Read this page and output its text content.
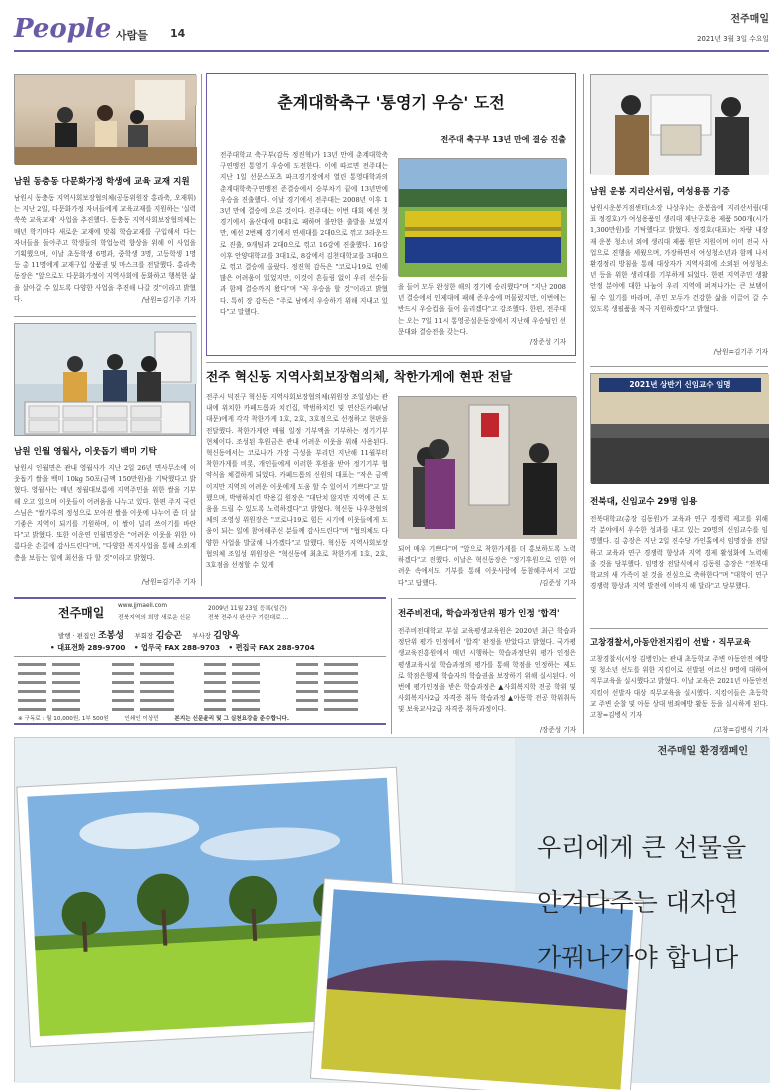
People 사람들 14
전주매일
2021년 3월 3일 수요일
남원 동충동 다문화가정 학생에 교육 교재 지원
남원시 동충동 지역사회보장협의체(공동위원장 홍라축, 오재휘)는 지난 2일, 다문화가정 자녀들에게 교육교재를 지원하는 '실력쑥쑥 교육교재' 사업을 추진했다. 동충동 지역사회보장협의체는 매년 학기마다 새로운 교재에 맞춰 학습교재를 구입해서 다는 자녀들을 돌아주고 학생들의 학업능력 향상을 위해 이 사업을 기획했으며, 이날 초등학생 6명과, 중학생 3명, 고등학생 1명 등 총 11명에게 교재구입 상품권 및 마스크를 전달했다. 홍라축 동장은 "앞으로도 다문화가정이 지역사회에 동화하고 행복한 삶을 살아갈 수 있도록 다양한 사업을 추진해 나갈 것"이라고 밝혔다.	/남원=김기주 기자
남원 인월 영월사, 이웃돕기 백미 기탁
남원시 인월면은 관내 영월사가 지난 2일 26년 면사무소에 이웃돕기 쌀을 백미 10kg 50포(금액 150만원)을 기탁했다고 밝혔다. 영월사는 매년 정월대보름에 지역주민을 위한 쌀을 기부해 오고 있으며 이웃들이 어려움을 나누고 있다. 한편 주지 국린스님은 "쌀가루의 정성으로 모아진 쌀을 이웃에 나누어 좀 더 살기좋은 지역이 되기를 기원하며, 이 쌀이 널리 쓰이기를 바란다"고 밝혔다. 또한 이운연 인월면장은 "어려운 이웃을 위한 아름다운 손길에 감사드린다"며, "다양한 복지사업을 통해 소외계층을 보듬는 일에 최선을 다 할 것"이라고 밝혔다.
/남원=김기주 기자
춘계대학축구 '통영기 우승' 도전
전주대 축구부 13년 만에 결승 진출
전주대학교 축구부(감독 정진혁)가 13년 만에 춘계대학축구연맹전 통영기 우승에 도전한다. 이에 따르면 전주대는 지난 1일 선문스포츠 파크경기장에서 열린 통영대학과의 춘계대학축구연맹전 준결승에서 승부차기 끝에 13년만에 우승을 진출했다. 이날 경기에서 전주대는 2008년 이후 13년 만에 결승에 오른 것이다. 전주대는 이번 대회 예선 첫 경기에서 울산대에 0대1로 패하며 불안한 출발을 보였지만, 예선 2번째 경기에서 연세대를 2대0으로 꺾고 3라운드로 진출, 9개팀과 2대0으로 꺾고 16강에 진출했다. 16강 이후 안양대학교를 3대1로, 8강에서 김천대학교를 3대0으로 꺾고 결승에 올랐다. 정진혁 감독은 "코로나19로 인해 많은 어려움이 있었지만, 이것이 흔들림 없이 우리 선수들과 함께 결승까지 왔다"며 "꼭 우승을 할 것"이라고 밝혔다. 특히 장 감독은 "주로 남에서 우승하기 위해 지내고 있다"고 말했다.
을 들어 모두 완성한 해의 경기에 승리했다"며 "지난 2008년 결승에서 인제대에 패해 준우승에 머물렀지만, 이번에는 반드시 우승컵을 들어 올리겠다"고 강조했다. 한편, 전주대는 오는 7일 11시 통영공설운동장에서 지난해 우승팀인 선문대와 결승전을 갖는다.
/장준성 기자
전주 혁신동 지역사회보장협의체, 착한가게에 현판 전달
전주시 덕진구 혁신동 지역사회보장협의체(위원장 조일성)는 관내에 위치한 카페드롭과 치킨집, 박범하치킨 및 연산돈카페(남대문)에게 각각 착한가게 1호, 2호, 3호점으로 선정하고 현판을 전달했다. 착한가게란 매월 일정 기부액을 기부하는 정기기부 현체이다. 조성된 후원금은 관내 어려운 이웃을 위해 사용된다. 혁신동에서는 코로나가 가장 극성을 부리던 지난해 11월부터 착한가게를 비롯, 개인들에게 이러한 후원을 받아 정기기부 협약식을 체결하게 되었다. 카페드롭의 신원의 대표는 "작은 금액이지만 지역의 어려운 이웃에게 도움 할 수 있어서 기쁘다"고 말했으며, 박범하치킨 박용길 원장은 "대단치 않지만 지역에 큰 도움을 드릴 수 있도록 노력하겠다"고 밝혔다. 혁신동 나우찬협의체의 조영성 위원장은 "코로나19로 힘든 시기에 이웃들에게 도움이 되는 일에 참여해주신 분들께 감사드린다"며 "협의체도 다양한 사업을 발굴해 나가겠다"고 말했다. 혁신동 지역사회보장협의체 조일성 위원장은 "혁신동에 최초로 착한가게 1호, 2호, 3호점을 선정할 수 있게
되어 매우 기쁘다"며 "앞으로 착한가게를 더 홍보하도록 노력하겠다"고 전했다. 이날은 혁신동장은 "정기후원으로 인한 어려운 속에서도 기부를 통해 이웃사랑에 동참해주셔서 고맙다"고 답했다.	/김준성 기자
남원 운봉 지리산서림, 여성용품 기증
남원시운봉거점센터(소장 나상우)는 운봉읍에 지리산서림(대표 정경호)가 여성용품인 생리대 재난구호용 제품 500개(시가 1,300만원)를 기탁했다고 밝혔다. 정경호(대표)는 차량 내장재 운봉 청소녀 외에 생리대 제품 원단 지원이며 이미 전국 사업으로 진행을 세웠으며, 가장하면서 여성청소년과 함께 나서 환경정리 방침을 통해 대상자가 지역사회에 소외된 여성청소년 등을 위한 생리대를 기부하게 되었다. 한편 지역주민 생활안정 분야에 대한 나눔이 우리 지역에 퍼져나가는 큰 보탬이 될 수 있기를 바라며, 주민 모두가 건강한 삶을 이끌어 갈 수 있도록 생필품을 적극 지원하겠다"고 밝혔다.
/남원=김기주 기자
2021년 상반기 신임교수 임명
전북대, 신임교수 29명 임용
전북대학교(총장 김동원)가 교육과 연구 경쟁력 제고를 위해 각 분야에서 우수한 성과를 내고 있는 29명의 신임교수를 임명했다. 김 총장은 지난 2일 진수당 가인홀에서 임명장을 전달하고 교육과 연구 경쟁력 향상과 지역 경제 활성화에 노력해 줄 것을 당부했다. 임명장 전달식에서 김동원 총장은 "전북대학교의 새 가족이 된 것을 진심으로 축하한다"며 "대학이 연구 경쟁력 향상과 지역 발전에 이바지 해 달라"고 당부했다.
전주매일 www.jjmaeil.com
전북지역의 희망 새로운 신문
2009년 11월 23일 등록(일간)
전북 전주시 완산구 기린대로 ...
발행 · 편집인 조봉성 부회장 김승곤 부사장 김양옥
• 대표전화 289-9700 • 업무국 FAX 288-9703 • 편집국 FAX 288-9704
※ 구독료 : 월 10,000원, 1부 500원	인쇄인 이상민	본지는 신문윤리 및 그 실천요강을 준수합니다.
전주비전대, 학습과정단위 평가 인정 '합격'
전주비전대학교 부설 교육평생교육원은 2020년 최근 학습과정단위 평가 인정에서 '합격' 판정을 받았다고 밝혔다. 국가평생교육진흥원에서 매년 시행하는 학습과정단위 평가 인정은 평생교육시설 학습과정의 평가를 통해 학점을 인정하는 제도로 학점은행제 학습자의 학습권을 보장하기 위해 실시된다. 이번에 평가인정을 받은 학습과정은 ▲사회복지학 전공 학위 및 사회복지사2급 자격증 취득 학습과정 ▲아동학 전공 학위취득 및 보육교사2급 자격증 취득과정이다.
/장준성 기자
고창경찰서,아동안전지킴이 선발 · 직무교육
고창경찰서(서장 김병인)는 관내 초등학교 주변 아동안전 예방 및 청소년 선도를 위한 지킴이로 선발된 어르신 9명에 대하여 직무교육을 실시했다고 밝혔다. 이날 교육은 2021년 아동안전지킴이 선발자 대상 직무교육을 실시했다. 지킴이들은 초등학교 주변 순찰 및 아동 상대 범죄예방 활동 등을 실시하게 된다. 고창=김병식 기자
/고창=김병식 기자
전주매일 환경캠페인
우리에게 큰 선물을
안겨다주는 대자연
가꿔나가야 합니다
